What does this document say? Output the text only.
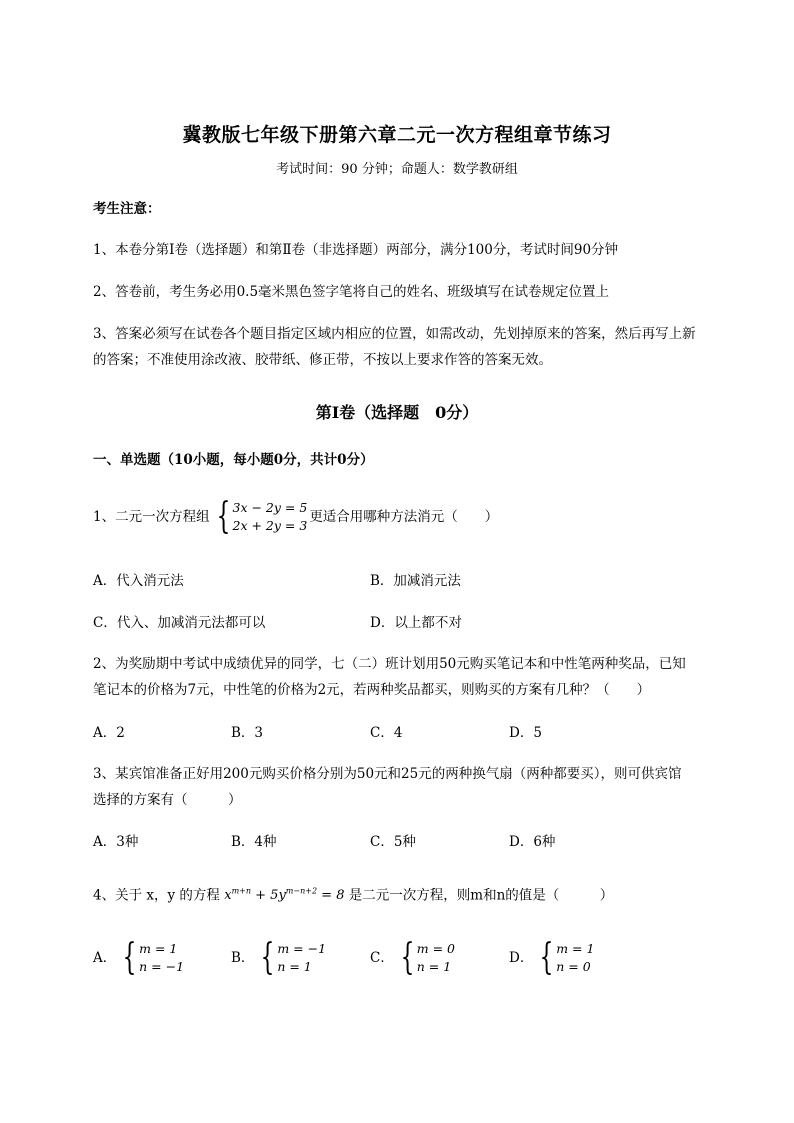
冀教版七年级下册第六章二元一次方程组章节练习
考试时间：90 分钟；命题人：数学教研组
考生注意：
1、本卷分第Ⅰ卷（选择题）和第Ⅱ卷（非选择题）两部分，满分100分，考试时间90分钟
2、答卷前，考生务必用0.5毫米黑色签字笔将自己的姓名、班级填写在试卷规定位置上
3、答案必须写在试卷各个题目指定区域内相应的位置，如需改动，先划掉原来的答案，然后再写上新
的答案；不准使用涂改液、胶带纸、修正带，不按以上要求作答的答案无效。
第Ⅰ卷（选择题　0分）
一、单选题（10小题，每小题0分，共计0分）
1、二元一次方程组 { 3x − 2y = 5
2x + 2y = 3
更适合用哪种方法消元（　　）
A．代入消元法	B．加减消元法
C．代入、加减消元法都可以	D．以上都不对
2、为奖励期中考试中成绩优异的同学，七（二）班计划用50元购买笔记本和中性笔两种奖品，已知
笔记本的价格为7元，中性笔的价格为2元，若两种奖品都买，则购买的方案有几种？（　　）
A．2	B．3	C．4	D．5
3、某宾馆准备正好用200元购买价格分别为50元和25元的两种换气扇（两种都要买），则可供宾馆
选择的方案有（　　　）
A．3种	B．4种	C．5种	D．6种
4、关于 x，y 的方程 $x^{m+n} + 5y^{m-n+2} = 8$ 是二元一次方程，则m和n的值是（　　　）
A． { m = 1
n = −1
B． { m = −1
n = 1
C． { m = 0
n = 1
D． { m = 1
n = 0
